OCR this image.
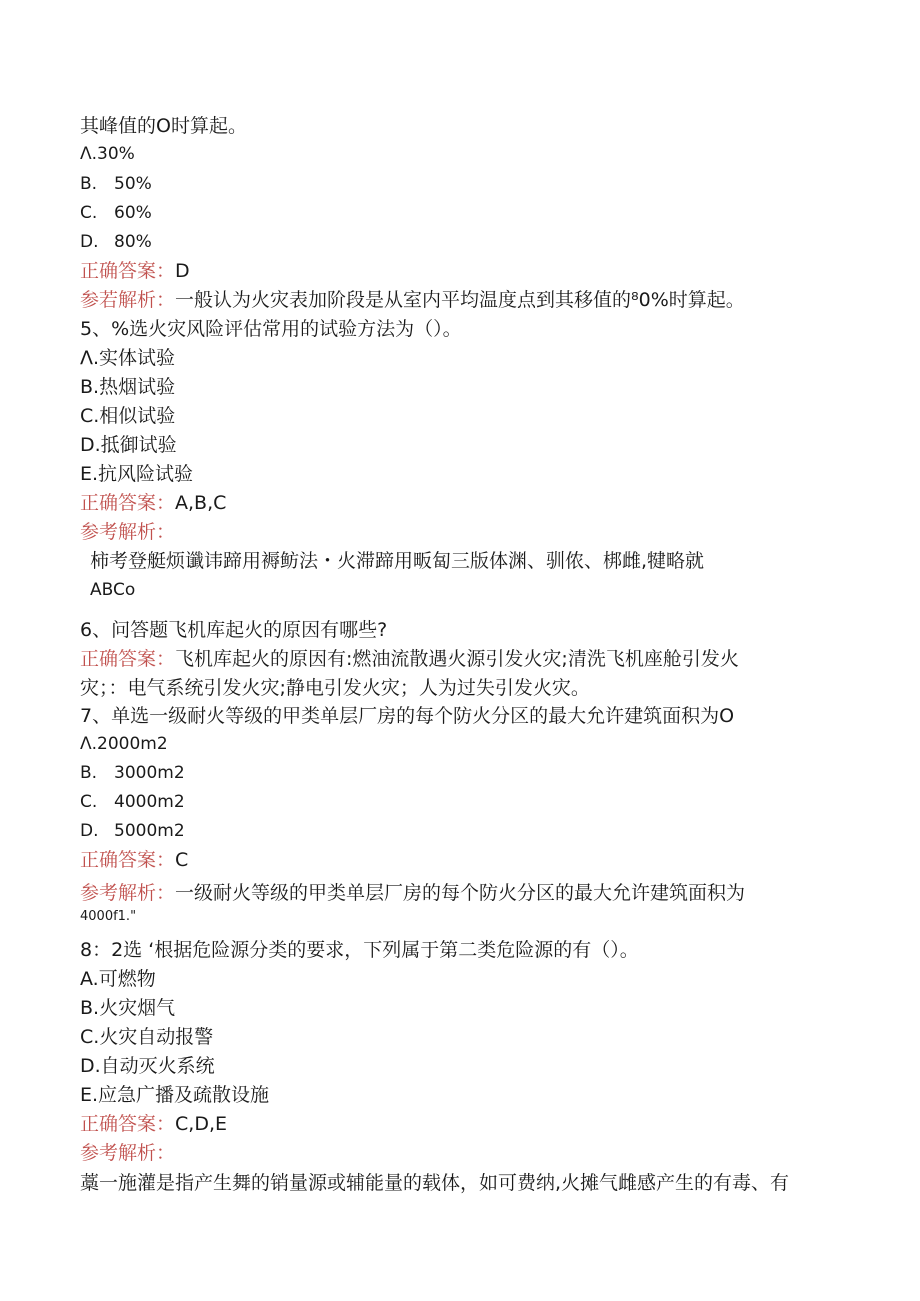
其峰值的O时算起。
Λ.30%
B. 50%
C. 60%
D. 80%
正确答案：D
参若解析：一般认为火灾表加阶段是从室内平均温度点到其移值的⁸0%时算起。
5、%选火灾风险评估常用的试验方法为（）。
Λ.实体试验
B.热烟试验
C.相似试验
D.抵御试验
E.抗风险试验
正确答案：A,B,C
参考解析：
柿考登艇烦谶讳蹄用褥鲂法・火滞蹄用畈匐三版体渊、驯侬、梆雌,犍略就
ABCo
6、问答题飞机库起火的原因有哪些?
正确答案：飞机库起火的原因有:燃油流散遇火源引发火灾;清洗飞机座舱引发火
灾；：电气系统引发火灾;静电引发火灾；人为过失引发火灾。
7、单选一级耐火等级的甲类单层厂房的每个防火分区的最大允许建筑面积为O
Λ.2000m2
B. 3000m2
C. 4000m2
D. 5000m2
正确答案：C
参考解析：一级耐火等级的甲类单层厂房的每个防火分区的最大允许建筑面积为
4000f1."
8：2选 ‘根据危险源分类的要求，下列属于第二类危险源的有（）。
A.可燃物
B.火灾烟气
C.火灾自动报警
D.自动灭火系统
E.应急广播及疏散设施
正确答案：C,D,E
参考解析：
藁一施灌是指产生舞的销量源或辅能量的载体，如可费纳,火摊气雌感产生的有毒、有
